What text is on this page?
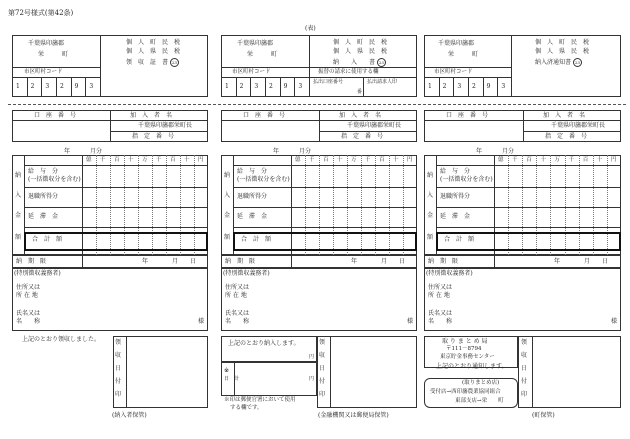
第72号様式(第42条)
(表)
千葉県印旛郡
栄　　　町
個　人　町　民　税
個　人　県　民　税
領　収　証　書 23
市区町村コード
1 2 3 2 9 3
千葉県印旛郡
栄　　　町
個　人　町　民　税
個　人　県　民　税
納　　入　　書 23
市区町村コード	振替の請求に使用する欄
払出口座番号	払出請求人印
番
1 2 3 2 9 3
千葉県印旛郡
栄　　　町
個　人　町　民　税
個　人　県　民　税
納入済通知書 23
市区町村コード
1 2 3 2 9 3
口　座　番　号	加　入　者　名
千葉県印旛郡栄町長
指　定　番　号
年	月分
億 千 百 十 万 千 百 十 円
給　与　分
(一括徴収分を含む)
退職所得分
延　滞　金
合　計　額
納
入
金
額
納　期　限	年	月 日
(特別徴収義務者)
住所又は
所 在 地
氏名又は
名　　称	様
口　座　番　号	加　入　者　名
千葉県印旛郡栄町長
指　定　番　号
年	月分
億 千 百 十 万 千 百 十 円
給　与　分
(一括徴収分を含む)
退職所得分
延　滞　金
合　計　額
納
入
金
額
納　期　限	年	月 日
(特別徴収義務者)
住所又は
所 在 地
氏名又は
名　　称	様
口　座　番　号	加　入　者　名
千葉県印旛郡栄町長
指　定　番　号
年	月分
億 千 百 十 万 千 百 十 円
給　与　分
(一括徴収分を含む)
退職所得分
延　滞　金
合　計　額
納
入
金
額
納　期　限	年	月 日
(特別徴収義務者)
住所又は
所 在 地
氏名又は
名　　称	様
上記のとおり領収しました。 領
収
日
付
印
(納入者保管)
上記のとおり納入します。
※
日　計
円
円
※印は郵便官署において使用
する欄です。
領
収
日
付
印
(金融機関又は郵便局保管)
取 り ま と め 局
〒111－8794
東京貯金事務センター
上記のとおり通知します。
(取りまとめ店)
受付店→西印旛農業協同組合
東部支店→栄　　町
領
収
日
付
印
(町保管)
